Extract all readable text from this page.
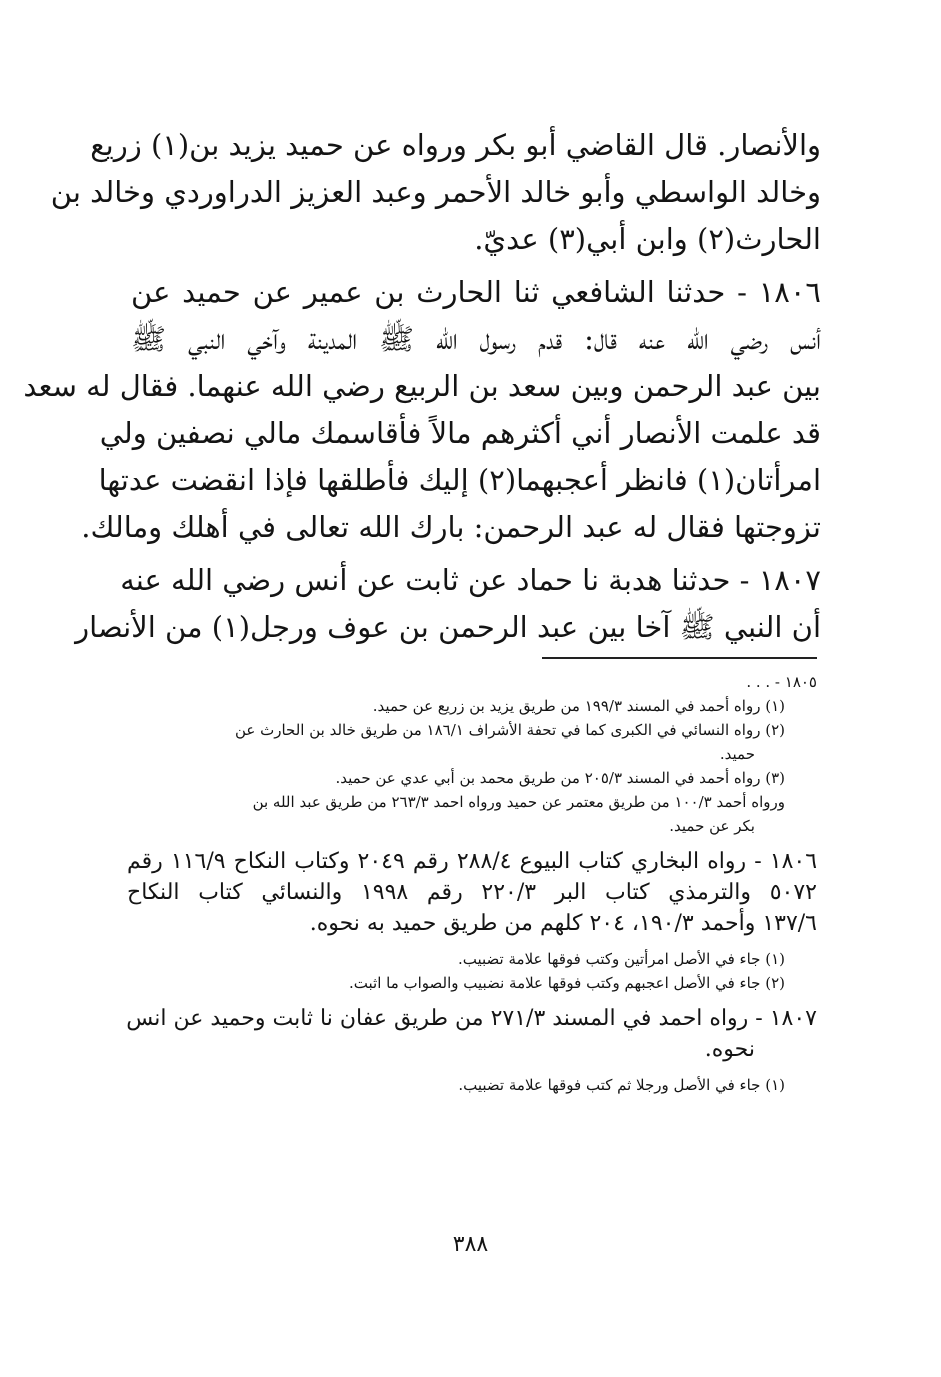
والأنصار. قال القاضي أبو بكر ورواه عن حميد يزيد بن(١) زريع
وخالد الواسطي وأبو خالد الأحمر وعبد العزيز الدراوردي وخالد بن
الحارث(٢) وابن أبي(٣) عديّ.
١٨٠٦ - حدثنا الشافعي ثنا الحارث بن عمير عن حميد عن
أنس رضي الله عنه قال: قدم رسول الله ﷺ المدينة وآخي النبي ﷺ
بين عبد الرحمن وبين سعد بن الربيع رضي الله عنهما. فقال له سعد
قد علمت الأنصار أني أكثرهم مالاً فأقاسمك مالي نصفين ولي
امرأتان(١) فانظر أعجبهما(٢) إليك فأطلقها فإذا انقضت عدتها
تزوجتها فقال له عبد الرحمن: بارك الله تعالى في أهلك ومالك.
١٨٠٧ - حدثنا هدبة نا حماد عن ثابت عن أنس رضي الله عنه
أن النبي ﷺ آخا بين عبد الرحمن بن عوف ورجل(١) من الأنصار
١٨٠٥ - . . .
(١) رواه أحمد في المسند ١٩٩/٣ من طريق يزيد بن زريع عن حميد.
(٢) رواه النسائي في الكبرى كما في تحفة الأشراف ١٨٦/١ من طريق خالد بن الحارث عن
حميد.
(٣) رواه أحمد في المسند ٢٠٥/٣ من طريق محمد بن أبي عدي عن حميد.
ورواه أحمد ١٠٠/٣ من طريق معتمر عن حميد ورواه احمد ٢٦٣/٣ من طريق عبد الله بن
بكر عن حميد.
١٨٠٦ - رواه البخاري كتاب البيوع ٢٨٨/٤ رقم ٢٠٤٩ وكتاب النكاح ١١٦/٩ رقم
٥٠٧٢ والترمذي كتاب البر ٢٢٠/٣ رقم ١٩٩٨ والنسائي كتاب النكاح
١٣٧/٦ وأحمد ١٩٠/٣، ٢٠٤ كلهم من طريق حميد به نحوه.
(١) جاء في الأصل امرأتين وكتب فوقها علامة تضبيب.
(٢) جاء في الأصل اعجبهم وكتب فوقها علامة نضبيب والصواب ما اثبت.
١٨٠٧ - رواه احمد في المسند ٢٧١/٣ من طريق عفان نا ثابت وحميد عن انس
نحوه.
(١) جاء في الأصل ورجلا ثم كتب فوقها علامة تضبيب.
٣٨٨
